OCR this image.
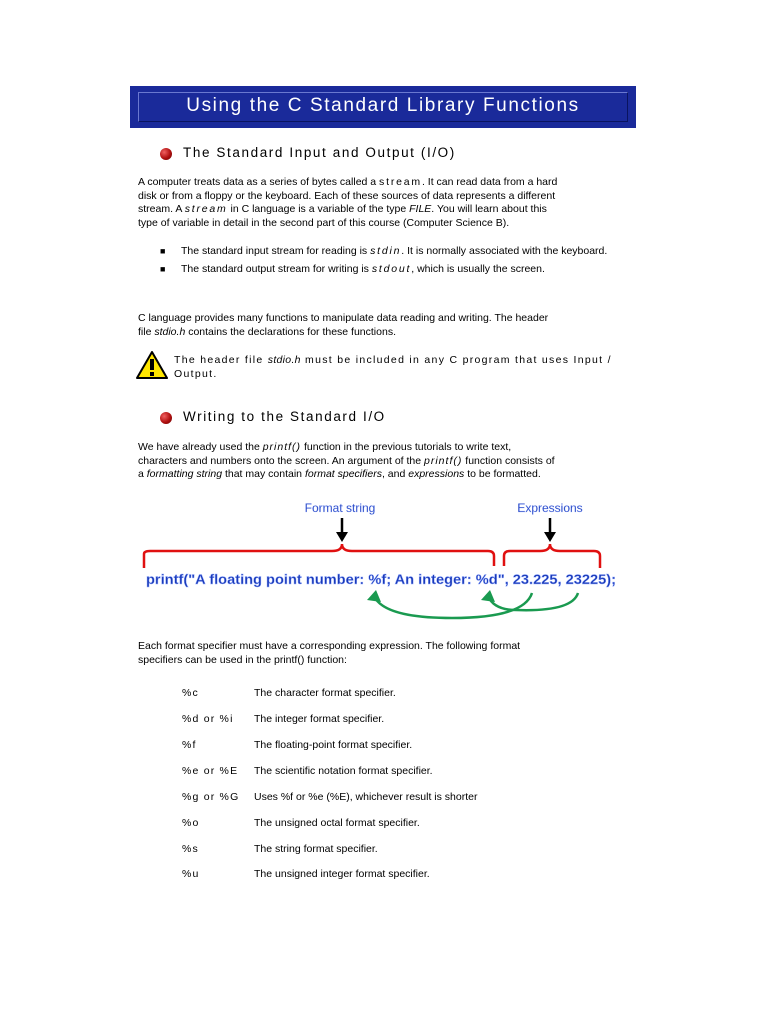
Using the C Standard Library Functions
The Standard Input and Output (I/O)
A computer treats data as a series of bytes called a stream. It can read data from a hard
disk or from a floppy or the keyboard. Each of these sources of data represents a different
stream. A stream in C language is a variable of the type FILE. You will learn about this
type of variable in detail in the second part of this course (Computer Science B).
■ The standard input stream for reading is stdin. It is normally associated with the keyboard.
■ The standard output stream for writing is stdout, which is usually the screen.
C language provides many functions to manipulate data reading and writing. The header
file stdio.h contains the declarations for these functions.
The header file stdio.h must be included in any C program that uses Input / Output.
Writing to the Standard I/O
We have already used the printf() function in the previous tutorials to write text,
characters and numbers onto the screen. An argument of the printf() function consists of
a formatting string that may contain format specifiers, and expressions to be formatted.
Format string	Expressions
printf("A floating point number: %f; An integer: %d", 23.225, 23225);
Each format specifier must have a corresponding expression. The following format
specifiers can be used in the printf() function:
%c	The character format specifier.
%d or %i The integer format specifier.
%f	The floating-point format specifier.
%e or %E The scientific notation format specifier.
%g or %G Uses %f or %e (%E), whichever result is shorter
%o	The unsigned octal format specifier.
%s	The string format specifier.
%u	The unsigned integer format specifier.
